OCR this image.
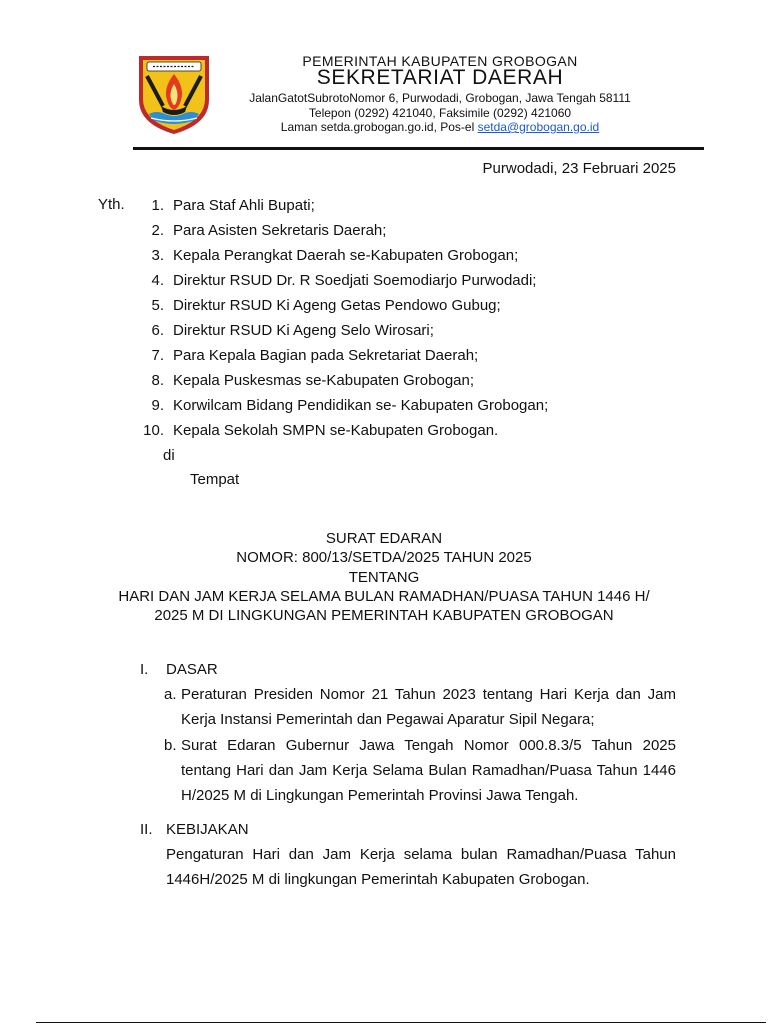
PEMERINTAH KABUPATEN GROBOGAN
SEKRETARIAT DAERAH
JalanGatotSubrotoNomor 6, Purwodadi, Grobogan, Jawa Tengah 58111
Telepon (0292) 421040, Faksimile (0292) 421060
Laman setda.grobogan.go.id, Pos-el setda@grobogan.go.id
Purwodadi, 23 Februari 2025
Yth.	1. Para Staf Ahli Bupati;
2. Para Asisten Sekretaris Daerah;
3. Kepala Perangkat Daerah se-Kabupaten Grobogan;
4. Direktur RSUD Dr. R Soedjati Soemodiarjo Purwodadi;
5. Direktur RSUD Ki Ageng Getas Pendowo Gubug;
6. Direktur RSUD Ki Ageng Selo Wirosari;
7. Para Kepala Bagian pada Sekretariat Daerah;
8. Kepala Puskesmas se-Kabupaten Grobogan;
9. Korwilcam Bidang Pendidikan se- Kabupaten Grobogan;
10. Kepala Sekolah SMPN se-Kabupaten Grobogan.
di
Tempat
SURAT EDARAN
NOMOR: 800/13/SETDA/2025 TAHUN 2025
TENTANG
HARI DAN JAM KERJA SELAMA BULAN RAMADHAN/PUASA TAHUN 1446 H/
2025 M DI LINGKUNGAN PEMERINTAH KABUPATEN GROBOGAN
I. DASAR
a. Peraturan Presiden Nomor 21 Tahun 2023 tentang Hari Kerja dan Jam Kerja Instansi Pemerintah dan Pegawai Aparatur Sipil Negara;
b. Surat Edaran Gubernur Jawa Tengah Nomor 000.8.3/5 Tahun 2025 tentang Hari dan Jam Kerja Selama Bulan Ramadhan/Puasa Tahun 1446 H/2025 M di Lingkungan Pemerintah Provinsi Jawa Tengah.
II. KEBIJAKAN
Pengaturan Hari dan Jam Kerja selama bulan Ramadhan/Puasa Tahun 1446H/2025 M di lingkungan Pemerintah Kabupaten Grobogan.
